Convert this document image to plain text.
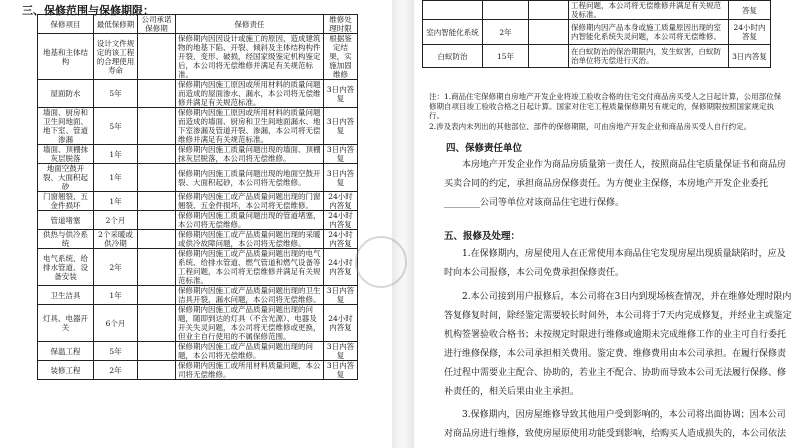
三、保修范围与保修期限：
保修项目	最低保修期	公司承诺保修期	保修责任	维修处理时限
地基和主体结构	设计文件规定的该工程的合理使用寿命		保修期内因因设计或施工的原因，造成建筑物的地基下陷、开裂、倾斜及主体结构构件开裂、变形、破损，经国家级鉴定机构鉴定后，本公司将无偿维修并满足有关规范标准。	根据鉴定结果，实施加固维修
屋面防水	5年		保修期内因施工原因或所用材料的质量问题而造成的屋面渗水、漏水，本公司将无偿维修并满足有关规范标准。	3日内答复
墙面、厨房和卫生间地面、地下室、管道渗漏	5年		保修期内因施工原因或所用材料的质量问题而造成的墙面、厨房和卫生间地面漏水、地下室渗漏及管道开裂、渗漏，本公司将无偿维修并满足有关规范标准。	3日内答复
墙面、顶棚抹灰层脱落	1年		保修期内因施工质量问题出现的墙面、顶棚抹灰层脱落，本公司将无偿维修。	3日内答复
地面空鼓开裂、大面积起砂	1年		保修期内因施工质量问题出现的地面空鼓开裂、大面积起砂，本公司将无偿维修。	3日内答复
门窗翘裂、五金件损坏	1年		保修期内因施工或产品质量问题出现的门窗翘裂、五金件损坏，本公司将无偿维修。	24小时内答复
管道堵塞	2个月		保修期内因施工质量问题出现的管道堵塞，本公司将无偿维修。	24小时内答复
供热与供冷系统	2个采暖或供冷期		保修期内因施工或产品质量问题出现的采暖或供冷故障问题，本公司将无偿维修。	24小时内答复
电气系统、给排水管道、设备安装	2年		保修期内因施工或产品质量问题出现的电气系统、给排水管道、燃气管道和燃气设备等工程问题，本公司将无偿维修并满足有关规范标准。	24小时内答复
卫生洁具	1年		保修期内因施工或产品质量问题出现的卫生洁具开裂、漏水问题，本公司将无偿维修。	3日内答复
灯具、电器开关	6个月		保修期内因施工或产品质量问题出现的问题，随即到达的灯具（不含光源）、电器及开关失灵问题，本公司将无偿维修或更换，但业主自行使用的不属保修范围。	24小时内答复
保温工程	5年		保修期内因施工或产品质量问题出现的问题，本公司将无偿维修。	3日内答复
装修工程	2年		保修期内因施工或所用材料质量问题，本公司将无偿维修。	3日内答复
			工程问题，本公司将无偿维修并满足有关规范及标准。	答复
室内智能化系统	2年		保修期内因产品本身或施工质量原因出现的室内智能化系统失灵问题，本公司将无偿维修。	24小时内答复
白蚁防治	15年		在白蚁防治的保治期限内，发生蚁害，白蚁防治单位将无偿进行灭治。	3日内答复

注：1.商品住宅保修期自房地产开发企业将竣工验收合格的住宅交付商品房买受人之日起计算，公用部位保修期自项目竣工验收合格之日起计算。国家对住宅工程质量保修期另有规定的，保修期限按照国家规定执行。

2.涉及表内未列出的其他部位、部件的保修期限，可由房地产开发企业和商品房买受人自行约定。

四、保修责任单位

本房地产开发企业作为商品房质量第一责任人，按照商品住宅质量保证书和商品房买卖合同的约定，承担商品房保修责任。为方便业主保修，本房地产开发企业委托________公司等单位对该商品住宅进行保修。

五、报修及处理：

1.在保修期内，房屋使用人在正常使用本商品住宅发现房屋出现质量缺陷时，应及时向本公司报修，本公司免费承担保修责任。

2.本公司接到用户报修后，本公司将在3日内到现场核查情况，并在维修处理时限内答复修复时间，除经鉴定需要较长时间外，本公司将于7天内完成修复，并经业主或鉴定机构签署验收合格书；未按规定时限进行维修或逾期未完成维修工作的业主可自行委托进行维修保修，本公司承担相关费用。鉴定费、维修费用由本公司承担。在履行保修责任过程中需要业主配合、协助的，若业主不配合、协助而导致本公司无法履行保修、修补责任的，相关后果由业主承担。

3.保修期内，因房屋维修导致其他用户受到影响的，本公司将出面协调；因本公司对商品房进行维修，致使房屋原使用功能受到影响，给购买人造成损失的，本公司依法
